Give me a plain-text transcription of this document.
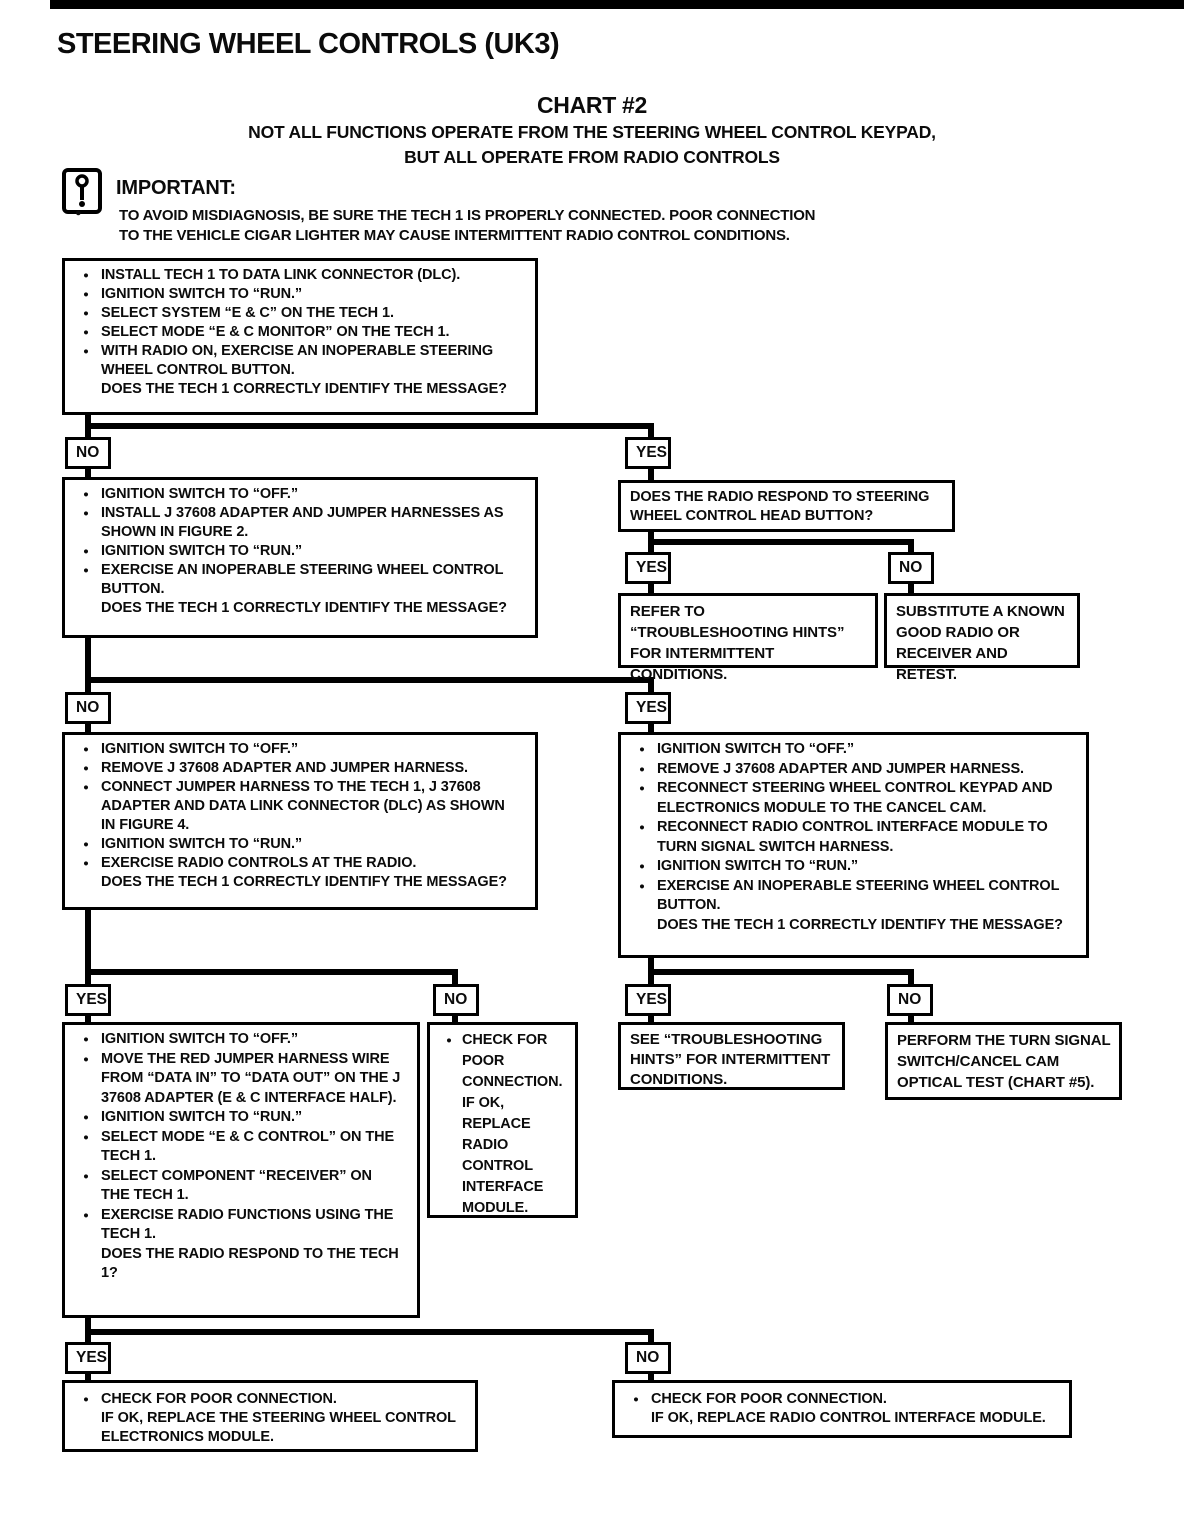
STEERING WHEEL CONTROLS (UK3)
CHART #2
NOT ALL FUNCTIONS OPERATE FROM THE STEERING WHEEL CONTROL KEYPAD,
BUT ALL OPERATE FROM RADIO CONTROLS
IMPORTANT:
● TO AVOID MISDIAGNOSIS, BE SURE THE TECH 1 IS PROPERLY CONNECTED. POOR CONNECTION
TO THE VEHICLE CIGAR LIGHTER MAY CAUSE INTERMITTENT RADIO CONTROL CONDITIONS.
NO	YES
YES	NO
NO	YES
YES	NO	YES	NO
YES	NO
● INSTALL TECH 1 TO DATA LINK CONNECTOR (DLC).
● IGNITION SWITCH TO “RUN.”
● SELECT SYSTEM “E & C” ON THE TECH 1.
● SELECT MODE “E & C MONITOR” ON THE TECH 1.
● WITH RADIO ON, EXERCISE AN INOPERABLE STEERING WHEEL CONTROL BUTTON.
DOES THE TECH 1 CORRECTLY IDENTIFY THE MESSAGE?
● IGNITION SWITCH TO “OFF.”
● INSTALL J 37608 ADAPTER AND JUMPER HARNESSES AS SHOWN IN FIGURE 2.
● IGNITION SWITCH TO “RUN.”
● EXERCISE AN INOPERABLE STEERING WHEEL CONTROL BUTTON.
DOES THE TECH 1 CORRECTLY IDENTIFY THE MESSAGE?
DOES THE RADIO RESPOND TO STEERING WHEEL CONTROL HEAD BUTTON?
REFER TO “TROUBLESHOOTING HINTS” FOR INTERMITTENT CONDITIONS.
SUBSTITUTE A KNOWN GOOD RADIO OR RECEIVER AND RETEST.
● IGNITION SWITCH TO “OFF.”
● REMOVE J 37608 ADAPTER AND JUMPER HARNESS.
● CONNECT JUMPER HARNESS TO THE TECH 1, J 37608 ADAPTER AND DATA LINK CONNECTOR (DLC) AS SHOWN IN FIGURE 4.
● IGNITION SWITCH TO “RUN.”
● EXERCISE RADIO CONTROLS AT THE RADIO.
DOES THE TECH 1 CORRECTLY IDENTIFY THE MESSAGE?
● IGNITION SWITCH TO “OFF.”
● REMOVE J 37608 ADAPTER AND JUMPER HARNESS.
● RECONNECT STEERING WHEEL CONTROL KEYPAD AND ELECTRONICS MODULE TO THE CANCEL CAM.
● RECONNECT RADIO CONTROL INTERFACE MODULE TO TURN SIGNAL SWITCH HARNESS.
● IGNITION SWITCH TO “RUN.”
● EXERCISE AN INOPERABLE STEERING WHEEL CONTROL BUTTON.
DOES THE TECH 1 CORRECTLY IDENTIFY THE MESSAGE?
● IGNITION SWITCH TO “OFF.”
● MOVE THE RED JUMPER HARNESS WIRE FROM “DATA IN” TO “DATA OUT” ON THE J 37608 ADAPTER (E & C INTERFACE HALF).
● IGNITION SWITCH TO “RUN.”
● SELECT MODE “E & C CONTROL” ON THE TECH 1.
● SELECT COMPONENT “RECEIVER” ON THE TECH 1.
● EXERCISE RADIO FUNCTIONS USING THE TECH 1.
DOES THE RADIO RESPOND TO THE TECH 1?
● CHECK FOR POOR CONNECTION. IF OK, REPLACE RADIO CONTROL INTERFACE MODULE.
SEE “TROUBLESHOOTING HINTS” FOR INTERMITTENT CONDITIONS.
PERFORM THE TURN SIGNAL SWITCH/CANCEL CAM OPTICAL TEST (CHART #5).
● CHECK FOR POOR CONNECTION.
IF OK, REPLACE THE STEERING WHEEL CONTROL ELECTRONICS MODULE.
● CHECK FOR POOR CONNECTION.
IF OK, REPLACE RADIO CONTROL INTERFACE MODULE.
